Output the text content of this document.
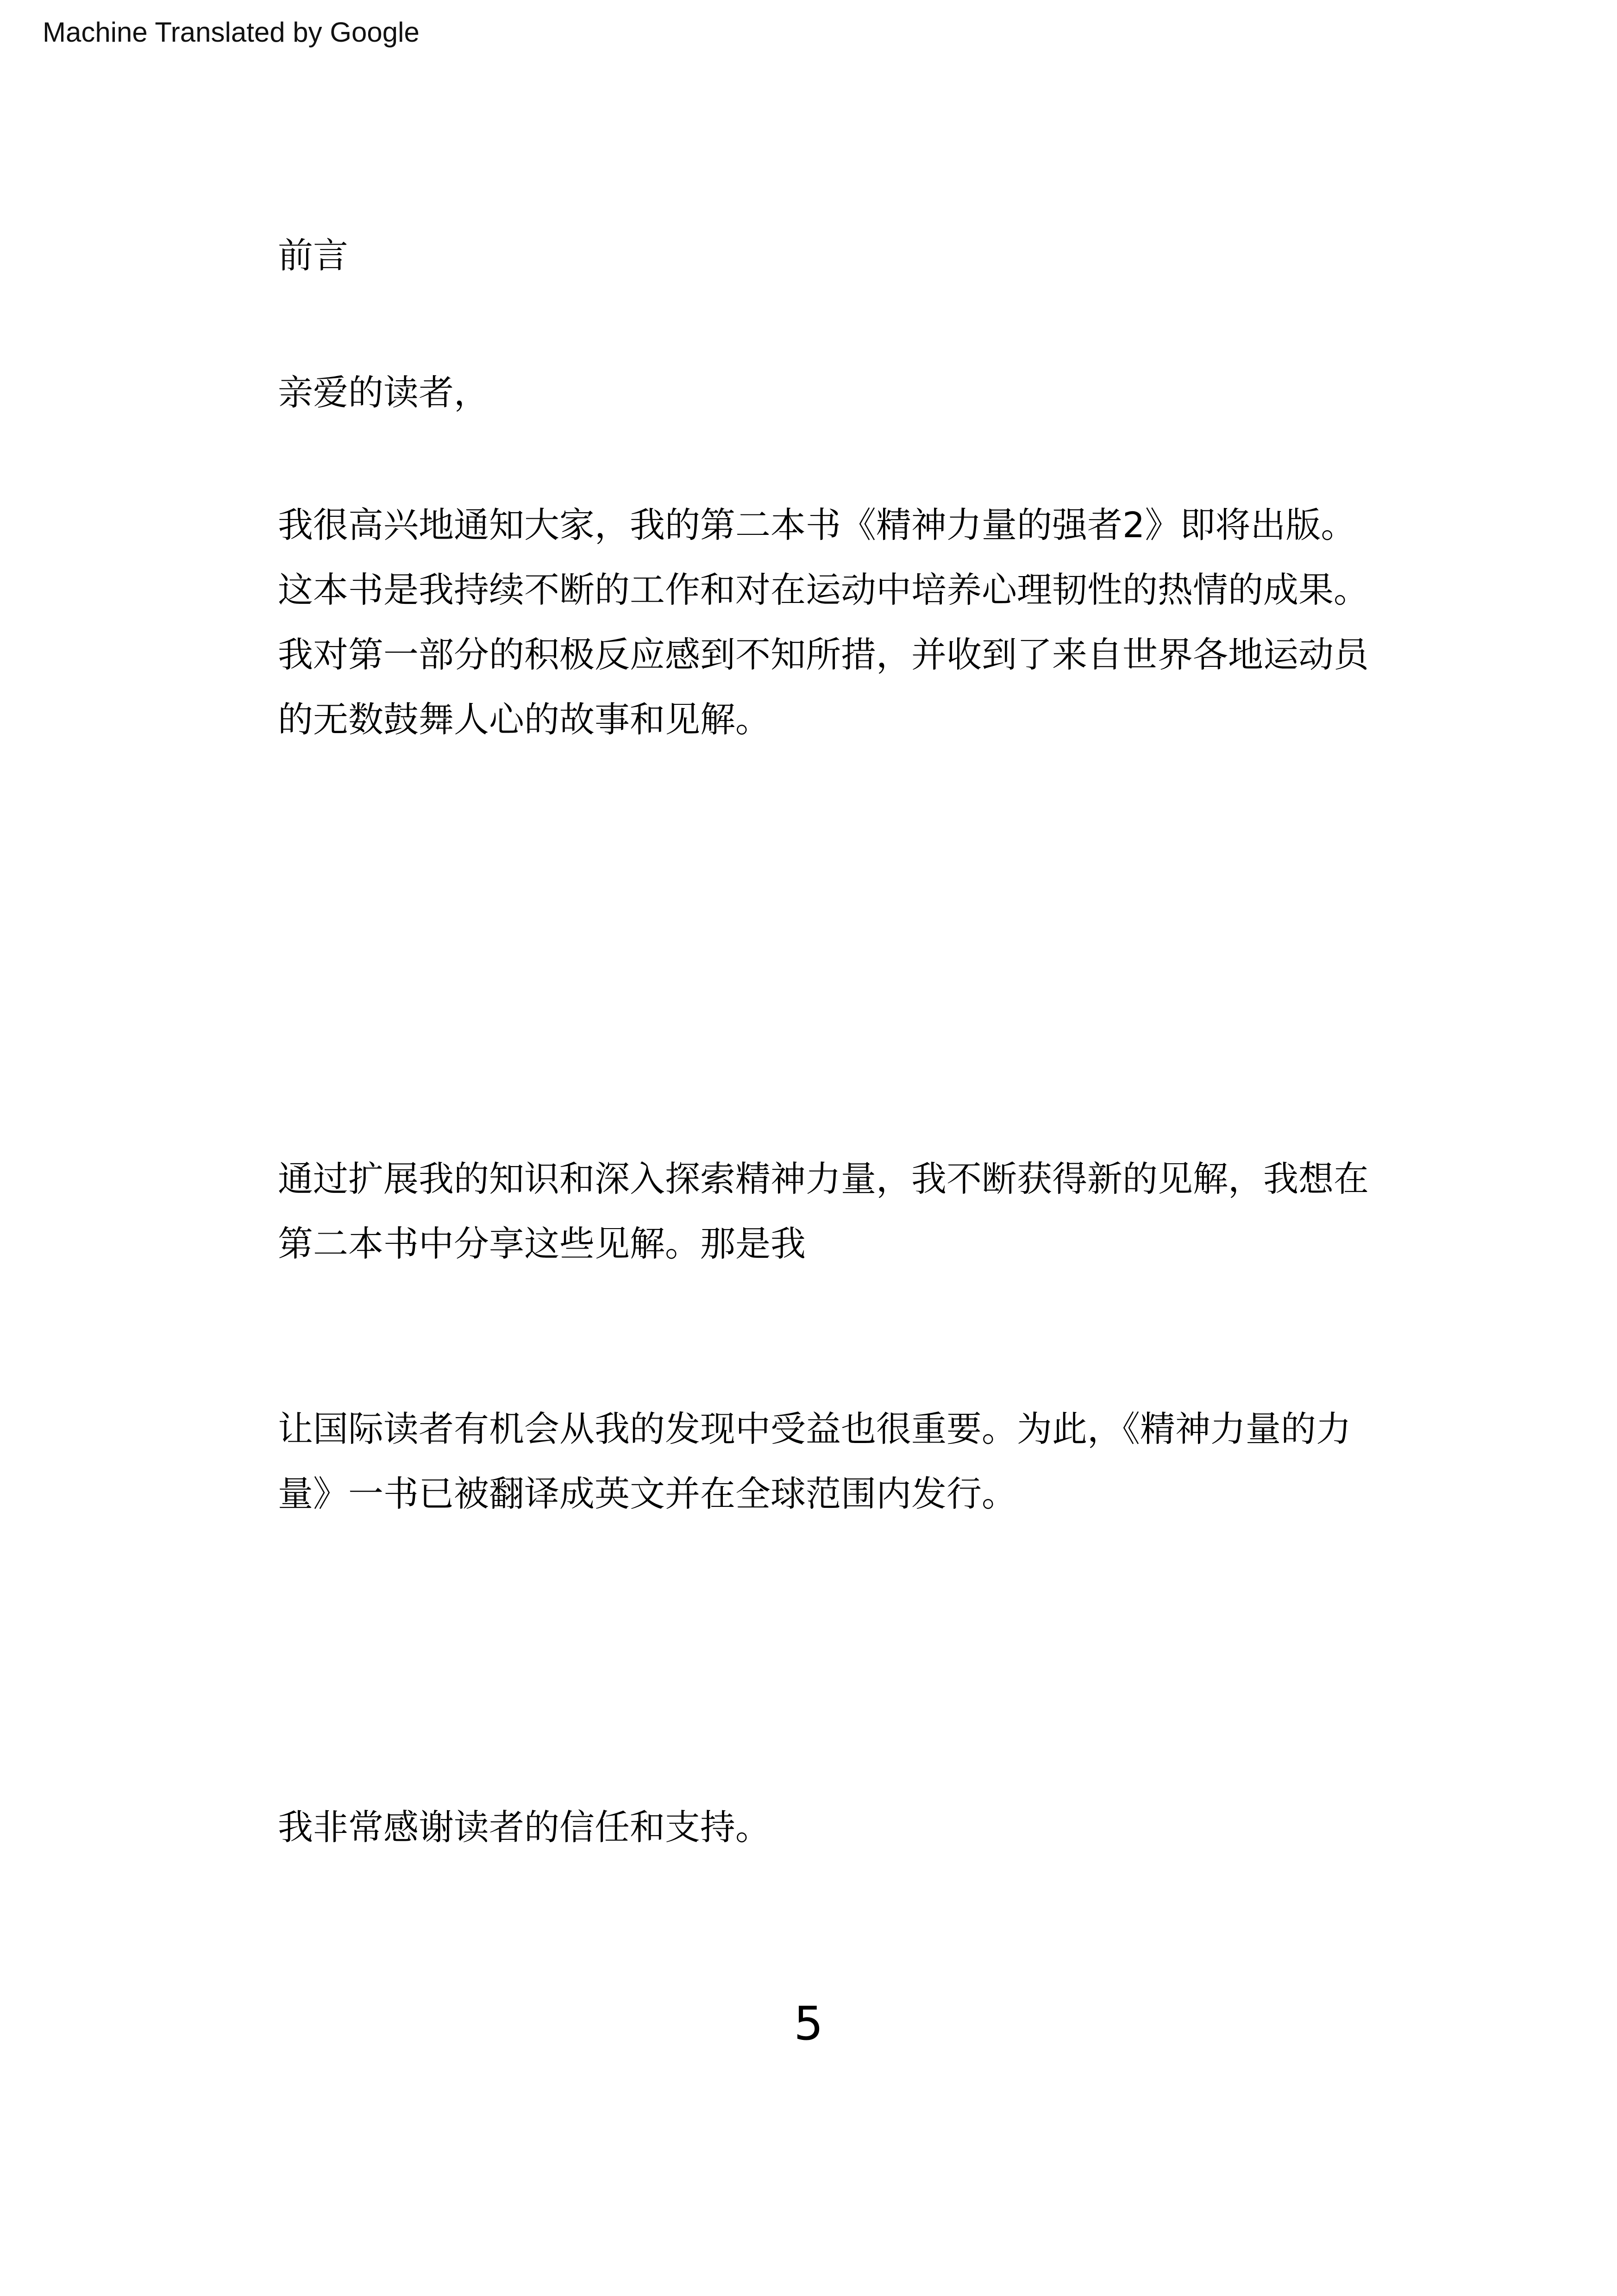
Machine Translated by Google
前言
亲爱的读者，
我很高兴地通知大家，我的第二本书《精神力量的强者2》即将出版。这本书是我持续不断的工作和对在运动中培养心理韧性的热情的成果。我对第一部分的积极反应感到不知所措，并收到了来自世界各地运动员的无数鼓舞人心的故事和见解。
通过扩展我的知识和深入探索精神力量，我不断获得新的见解，我想在第二本书中分享这些见解。那是我
让国际读者有机会从我的发现中受益也很重要。为此，《精神力量的力量》一书已被翻译成英文并在全球范围内发行。
我非常感谢读者的信任和支持。
5
